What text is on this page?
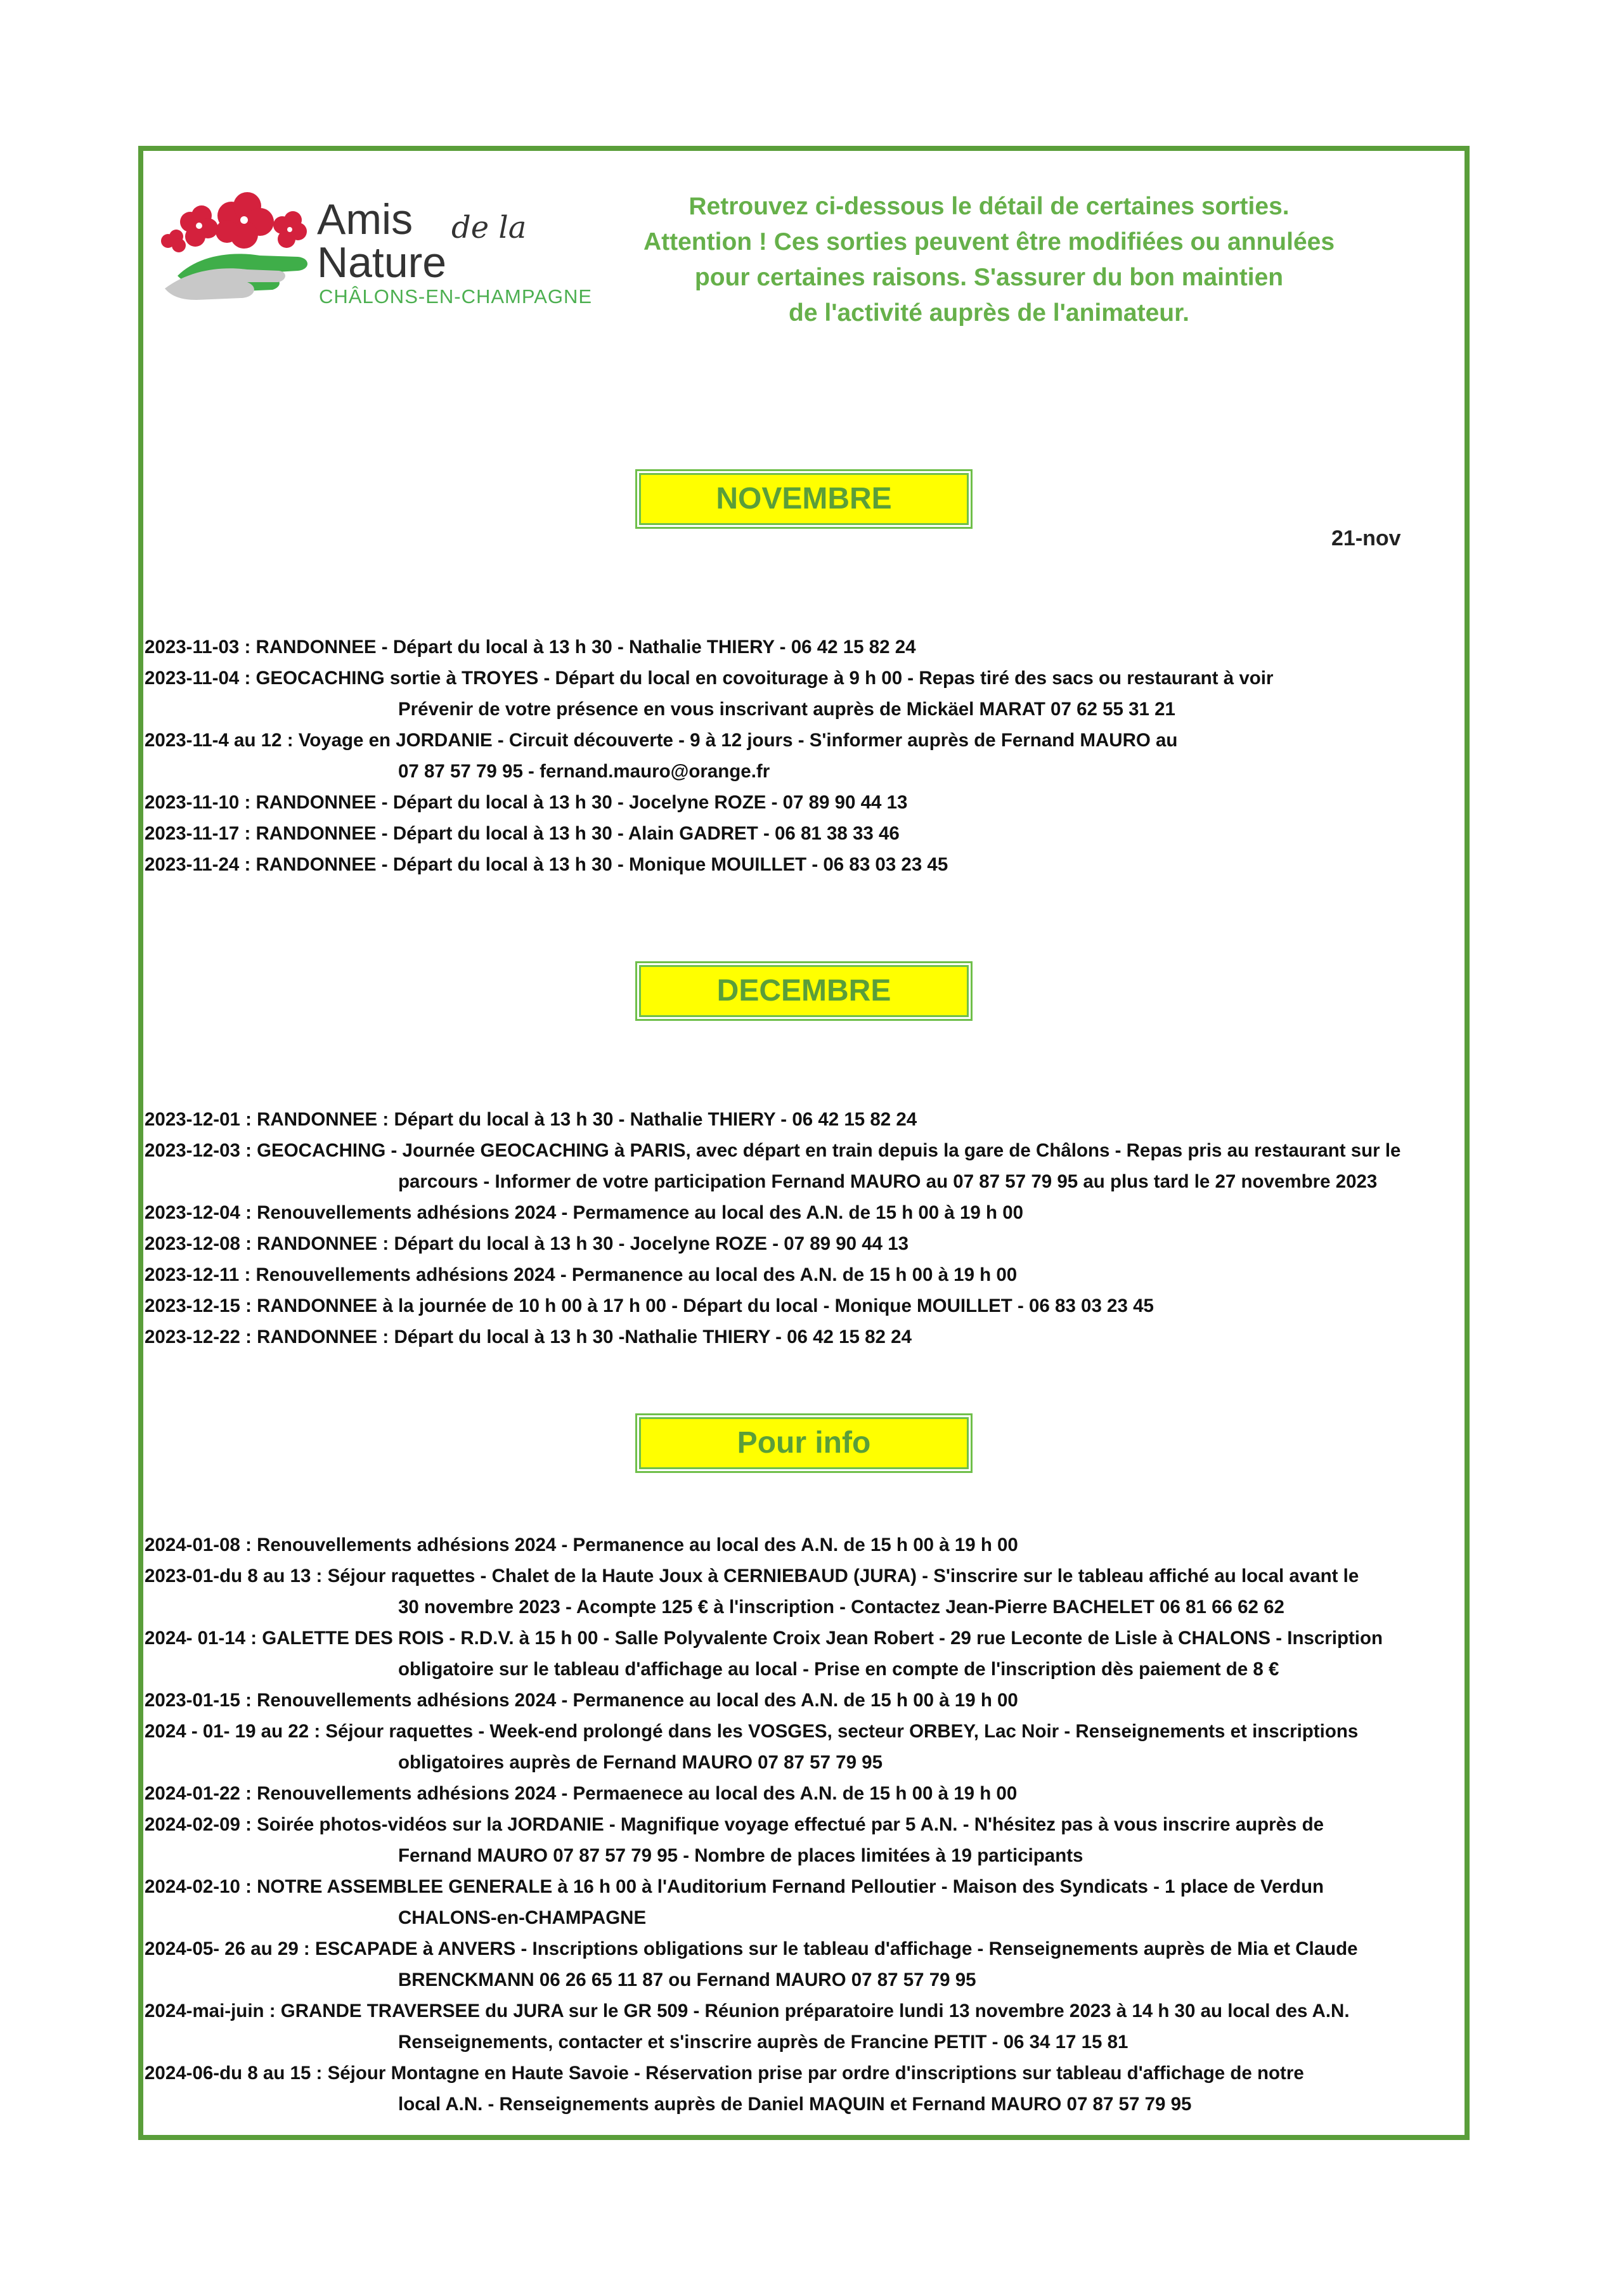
Amis de la
Nature
CHÂLONS-EN-CHAMPAGNE
Retrouvez ci-dessous le détail de certaines sorties.
Attention ! Ces sorties peuvent être modifiées ou annulées
pour certaines raisons. S'assurer du bon maintien
de l'activité auprès de l'animateur.
NOVEMBRE
21-nov
2023-11-03 : RANDONNEE - Départ du local à 13 h 30 - Nathalie THIERY - 06 42 15 82 24
2023-11-04 : GEOCACHING sortie à TROYES - Départ du local en covoiturage à 9 h 00 - Repas tiré des sacs ou restaurant à voir
Prévenir de votre présence en vous inscrivant auprès de Mickäel MARAT 07 62 55 31 21
2023-11-4 au 12 : Voyage en JORDANIE - Circuit découverte - 9 à 12 jours - S'informer auprès de Fernand MAURO au
07 87 57 79 95 - fernand.mauro@orange.fr
2023-11-10 : RANDONNEE - Départ du local à 13 h 30 - Jocelyne ROZE - 07 89 90 44 13
2023-11-17 : RANDONNEE - Départ du local à 13 h 30 - Alain GADRET - 06 81 38 33 46
2023-11-24 : RANDONNEE - Départ du local à 13 h 30 - Monique MOUILLET - 06 83 03 23 45
DECEMBRE
2023-12-01 : RANDONNEE : Départ du local à 13 h 30 - Nathalie THIERY - 06 42 15 82 24
2023-12-03 : GEOCACHING - Journée GEOCACHING à PARIS, avec départ en train depuis la gare de Châlons - Repas pris au restaurant sur le
parcours - Informer de votre participation Fernand MAURO au 07 87 57 79 95 au plus tard le 27 novembre 2023
2023-12-04 : Renouvellements adhésions 2024 - Permamence au local des A.N. de 15 h 00 à 19 h 00
2023-12-08 : RANDONNEE : Départ du local à 13 h 30 - Jocelyne ROZE - 07 89 90 44 13
2023-12-11 : Renouvellements adhésions 2024 - Permanence au local des A.N. de 15 h 00 à 19 h 00
2023-12-15 : RANDONNEE à la journée de 10 h 00 à 17 h 00 - Départ du local - Monique MOUILLET - 06 83 03 23 45
2023-12-22 : RANDONNEE : Départ du local à 13 h 30 -Nathalie THIERY - 06 42 15 82 24
Pour info
2024-01-08 : Renouvellements adhésions 2024 - Permanence au local des A.N. de 15 h 00 à 19 h 00
2023-01-du 8 au 13 : Séjour raquettes - Chalet de la Haute Joux à CERNIEBAUD (JURA) - S'inscrire sur le tableau affiché au local avant le
30 novembre 2023 - Acompte 125 € à l'inscription - Contactez Jean-Pierre BACHELET 06 81 66 62 62
2024- 01-14 : GALETTE DES ROIS - R.D.V. à 15 h 00 - Salle Polyvalente Croix Jean Robert - 29 rue Leconte de Lisle à CHALONS - Inscription
obligatoire sur le tableau d'affichage au local - Prise en compte de l'inscription dès paiement de 8 €
2023-01-15 : Renouvellements adhésions 2024 - Permanence au local des A.N. de 15 h 00 à 19 h 00
2024 - 01- 19 au 22 : Séjour raquettes - Week-end prolongé dans les VOSGES, secteur ORBEY, Lac Noir - Renseignements et inscriptions
obligatoires auprès de Fernand MAURO 07 87 57 79 95
2024-01-22 : Renouvellements adhésions 2024 - Permaenece au local des A.N. de 15 h 00 à 19 h 00
2024-02-09 : Soirée photos-vidéos sur la JORDANIE - Magnifique voyage effectué par 5 A.N. - N'hésitez pas à vous inscrire auprès de
Fernand MAURO 07 87 57 79 95 - Nombre de places limitées à 19 participants
2024-02-10 : NOTRE ASSEMBLEE GENERALE à 16 h 00 à l'Auditorium Fernand Pelloutier - Maison des Syndicats - 1 place de Verdun
CHALONS-en-CHAMPAGNE
2024-05- 26 au 29 : ESCAPADE à ANVERS - Inscriptions obligations sur le tableau d'affichage - Renseignements auprès de Mia et Claude
BRENCKMANN 06 26 65 11 87 ou Fernand MAURO 07 87 57 79 95
2024-mai-juin : GRANDE TRAVERSEE du JURA sur le GR 509 - Réunion préparatoire lundi 13 novembre 2023 à 14 h 30 au local des A.N.
Renseignements, contacter et s'inscrire auprès de Francine PETIT - 06 34 17 15 81
2024-06-du 8 au 15 : Séjour Montagne en Haute Savoie - Réservation prise par ordre d'inscriptions sur tableau d'affichage de notre
local A.N. - Renseignements auprès de Daniel MAQUIN et Fernand MAURO 07 87 57 79 95
